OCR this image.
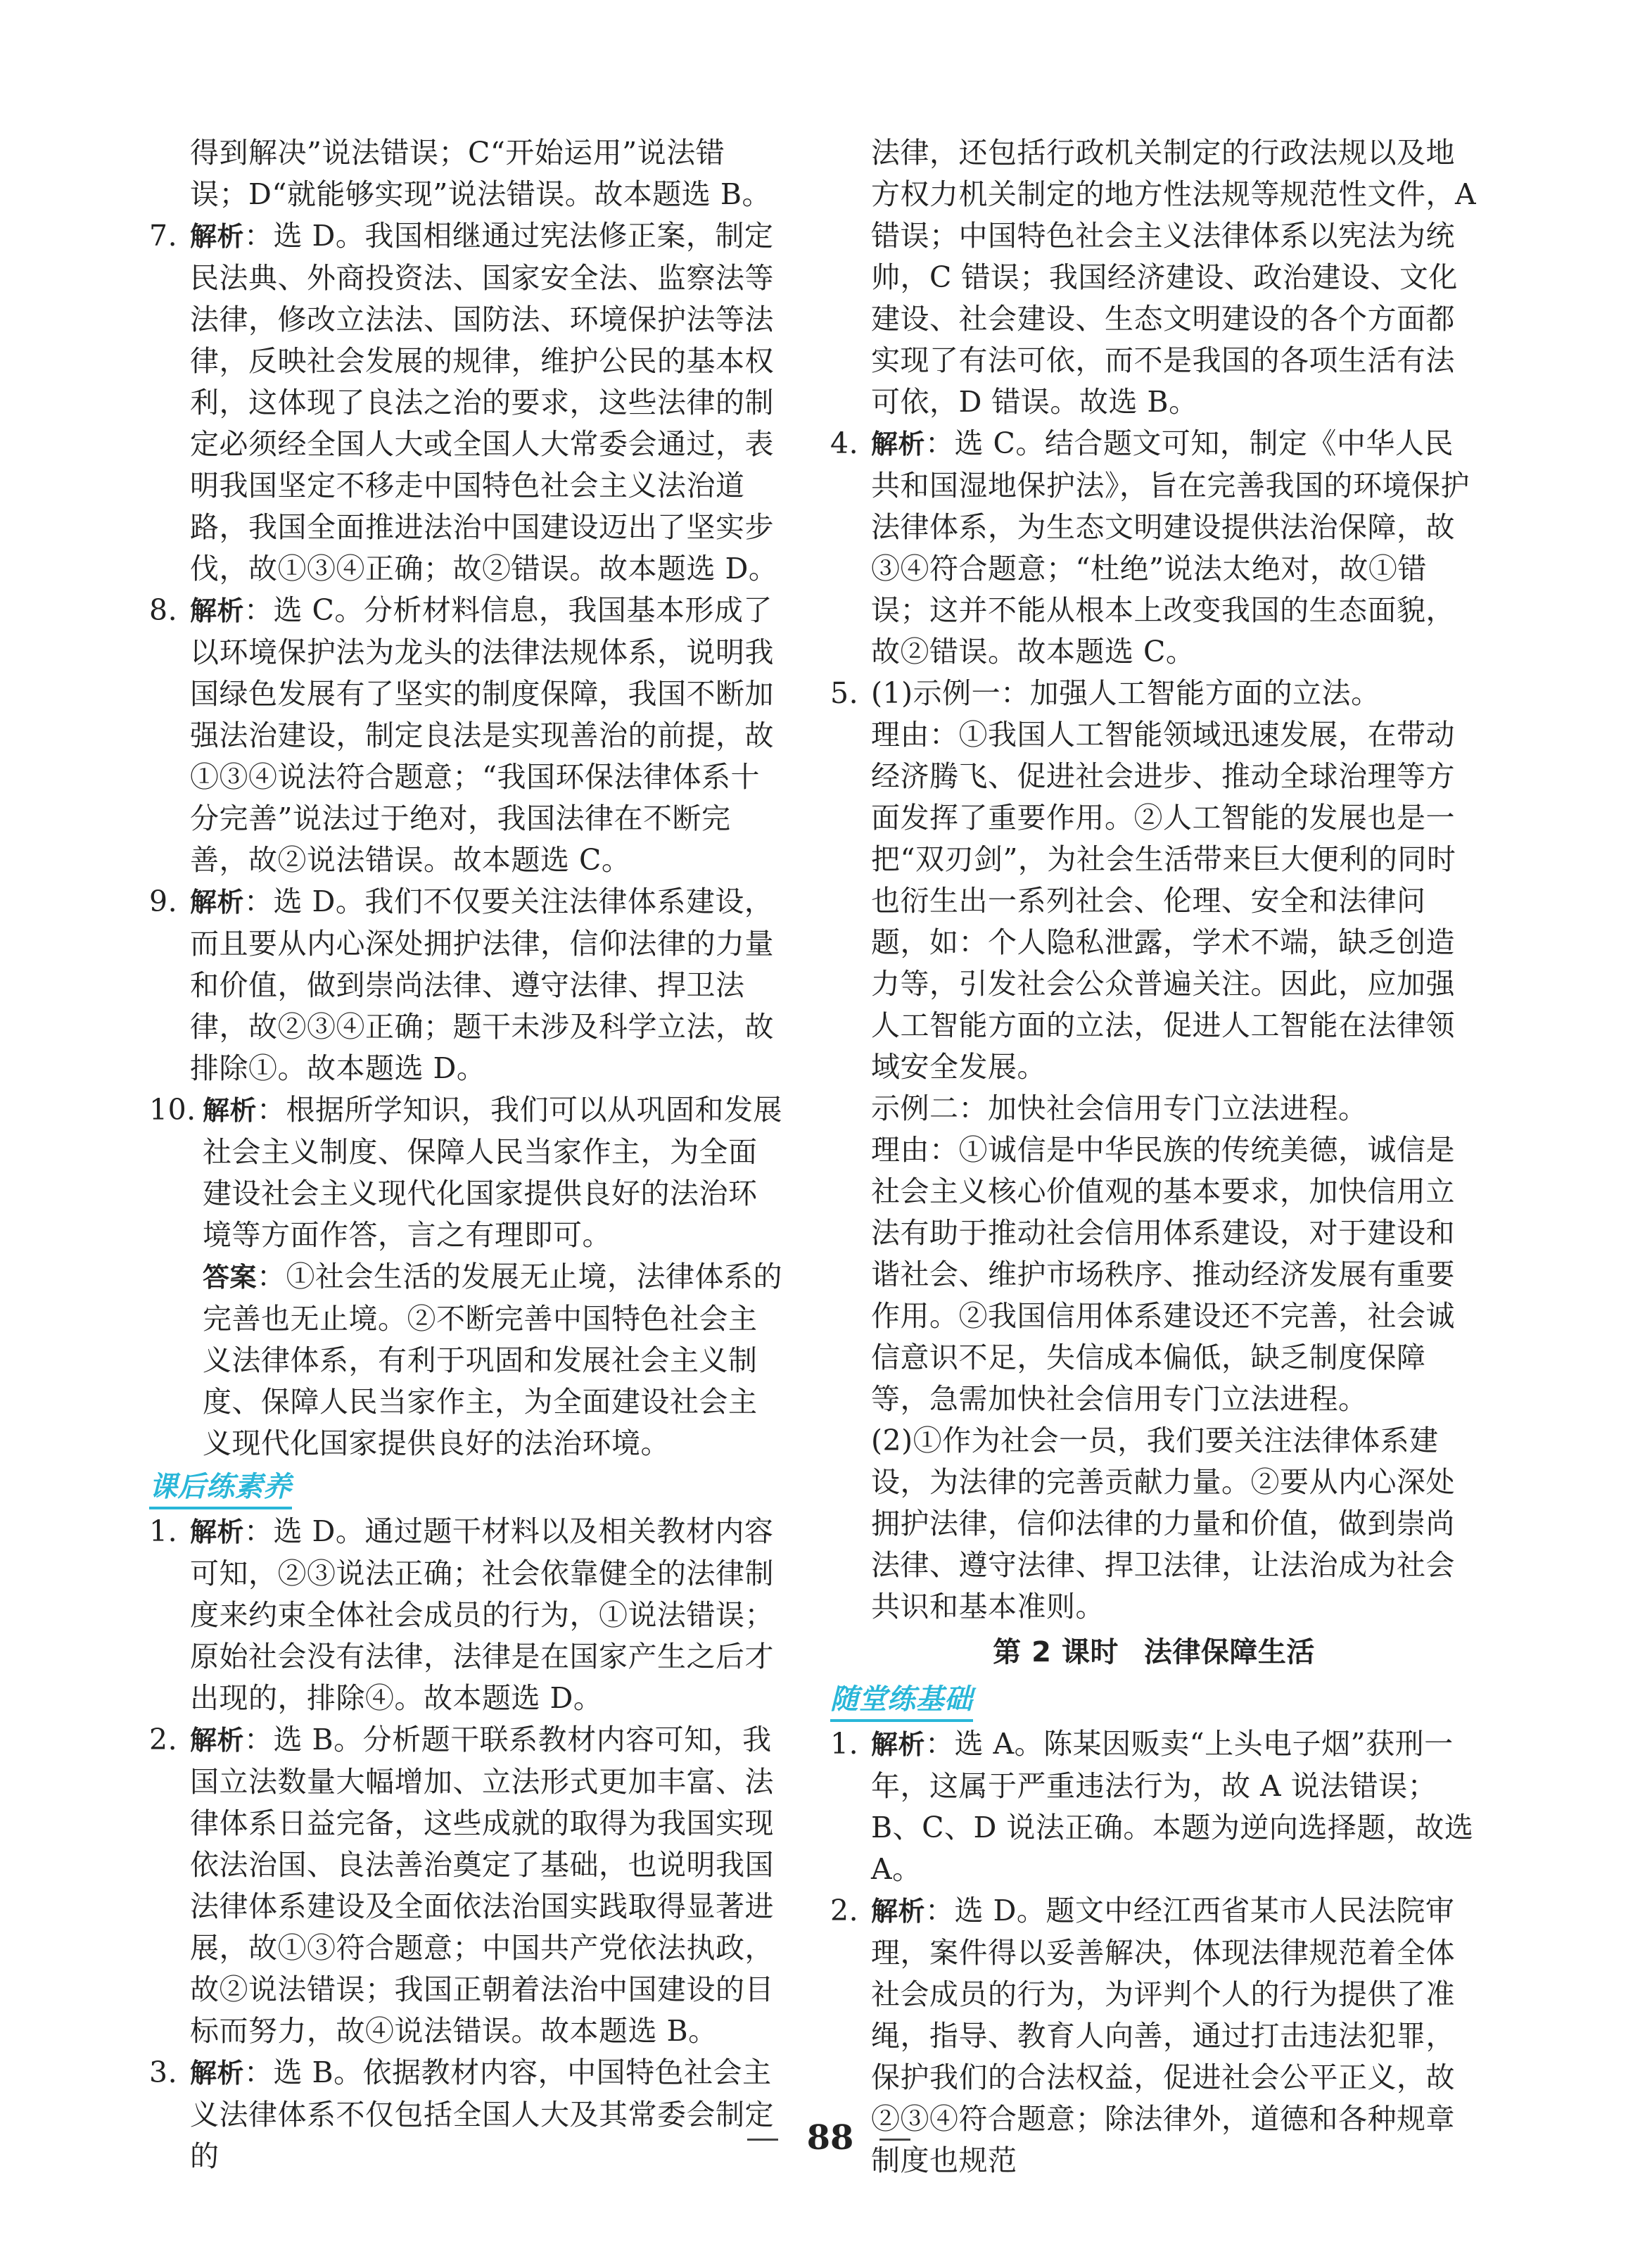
得到解决”说法错误；C“开始运用”说法错误；D“就能够实现”说法错误。故本题选 B。

7. 解析：选 D。我国相继通过宪法修正案，制定民法典、外商投资法、国家安全法、监察法等法律，修改立法法、国防法、环境保护法等法律，反映社会发展的规律，维护公民的基本权利，这体现了良法之治的要求，这些法律的制定必须经全国人大或全国人大常委会通过，表明我国坚定不移走中国特色社会主义法治道路，我国全面推进法治中国建设迈出了坚实步伐，故①③④正确；故②错误。故本题选 D。
8. 解析：选 C。分析材料信息，我国基本形成了以环境保护法为龙头的法律法规体系，说明我国绿色发展有了坚实的制度保障，我国不断加强法治建设，制定良法是实现善治的前提，故①③④说法符合题意；“我国环保法律体系十分完善”说法过于绝对，我国法律在不断完善，故②说法错误。故本题选 C。
9. 解析：选 D。我们不仅要关注法律体系建设，而且要从内心深处拥护法律，信仰法律的力量和价值，做到崇尚法律、遵守法律、捍卫法律，故②③④正确；题干未涉及科学立法，故排除①。故本题选 D。
10. 解析：根据所学知识，我们可以从巩固和发展社会主义制度、保障人民当家作主，为全面建设社会主义现代化国家提供良好的法治环境等方面作答，言之有理即可。

答案：①社会生活的发展无止境，法律体系的完善也无止境。②不断完善中国特色社会主义法律体系，有利于巩固和发展社会主义制度、保障人民当家作主，为全面建设社会主义现代化国家提供良好的法治环境。

课后练素养
1. 解析：选 D。通过题干材料以及相关教材内容可知，②③说法正确；社会依靠健全的法律制度来约束全体社会成员的行为，①说法错误；原始社会没有法律，法律是在国家产生之后才出现的，排除④。故本题选 D。
2. 解析：选 B。分析题干联系教材内容可知，我国立法数量大幅增加、立法形式更加丰富、法律体系日益完备，这些成就的取得为我国实现依法治国、良法善治奠定了基础，也说明我国法律体系建设及全面依法治国实践取得显著进展，故①③符合题意；中国共产党依法执政，故②说法错误；我国正朝着法治中国建设的目标而努力，故④说法错误。故本题选 B。
3. 解析：选 B。依据教材内容，中国特色社会主义法律体系不仅包括全国人大及其常委会制定的

法律，还包括行政机关制定的行政法规以及地方权力机关制定的地方性法规等规范性文件，A 错误；中国特色社会主义法律体系以宪法为统帅，C 错误；我国经济建设、政治建设、文化建设、社会建设、生态文明建设的各个方面都实现了有法可依，而不是我国的各项生活有法可依，D 错误。故选 B。

4. 解析：选 C。结合题文可知，制定《中华人民共和国湿地保护法》，旨在完善我国的环境保护法律体系，为生态文明建设提供法治保障，故③④符合题意；“杜绝”说法太绝对，故①错误；这并不能从根本上改变我国的生态面貌，故②错误。故本题选 C。
5. (1)示例一：加强人工智能方面的立法。

理由：①我国人工智能领域迅速发展，在带动经济腾飞、促进社会进步、推动全球治理等方面发挥了重要作用。②人工智能的发展也是一把“双刃剑”，为社会生活带来巨大便利的同时也衍生出一系列社会、伦理、安全和法律问题，如：个人隐私泄露，学术不端，缺乏创造力等，引发社会公众普遍关注。因此，应加强人工智能方面的立法，促进人工智能在法律领域安全发展。

示例二：加快社会信用专门立法进程。

理由：①诚信是中华民族的传统美德，诚信是社会主义核心价值观的基本要求，加快信用立法有助于推动社会信用体系建设，对于建设和谐社会、维护市场秩序、推动经济发展有重要作用。②我国信用体系建设还不完善，社会诚信意识不足，失信成本偏低，缺乏制度保障等，急需加快社会信用专门立法进程。

(2)①作为社会一员，我们要关注法律体系建设，为法律的完善贡献力量。②要从内心深处拥护法律，信仰法律的力量和价值，做到崇尚法律、遵守法律、捍卫法律，让法治成为社会共识和基本准则。

第 2 课时 法律保障生活
随堂练基础
1. 解析：选 A。陈某因贩卖“上头电子烟”获刑一年，这属于严重违法行为，故 A 说法错误；B、C、D 说法正确。本题为逆向选择题，故选 A。
2. 解析：选 D。题文中经江西省某市人民法院审理，案件得以妥善解决，体现法律规范着全体社会成员的行为，为评判个人的行为提供了准绳，指导、教育人向善，通过打击违法犯罪，保护我们的合法权益，促进社会公平正义，故②③④符合题意；除法律外，道德和各种规章制度也规范
88
